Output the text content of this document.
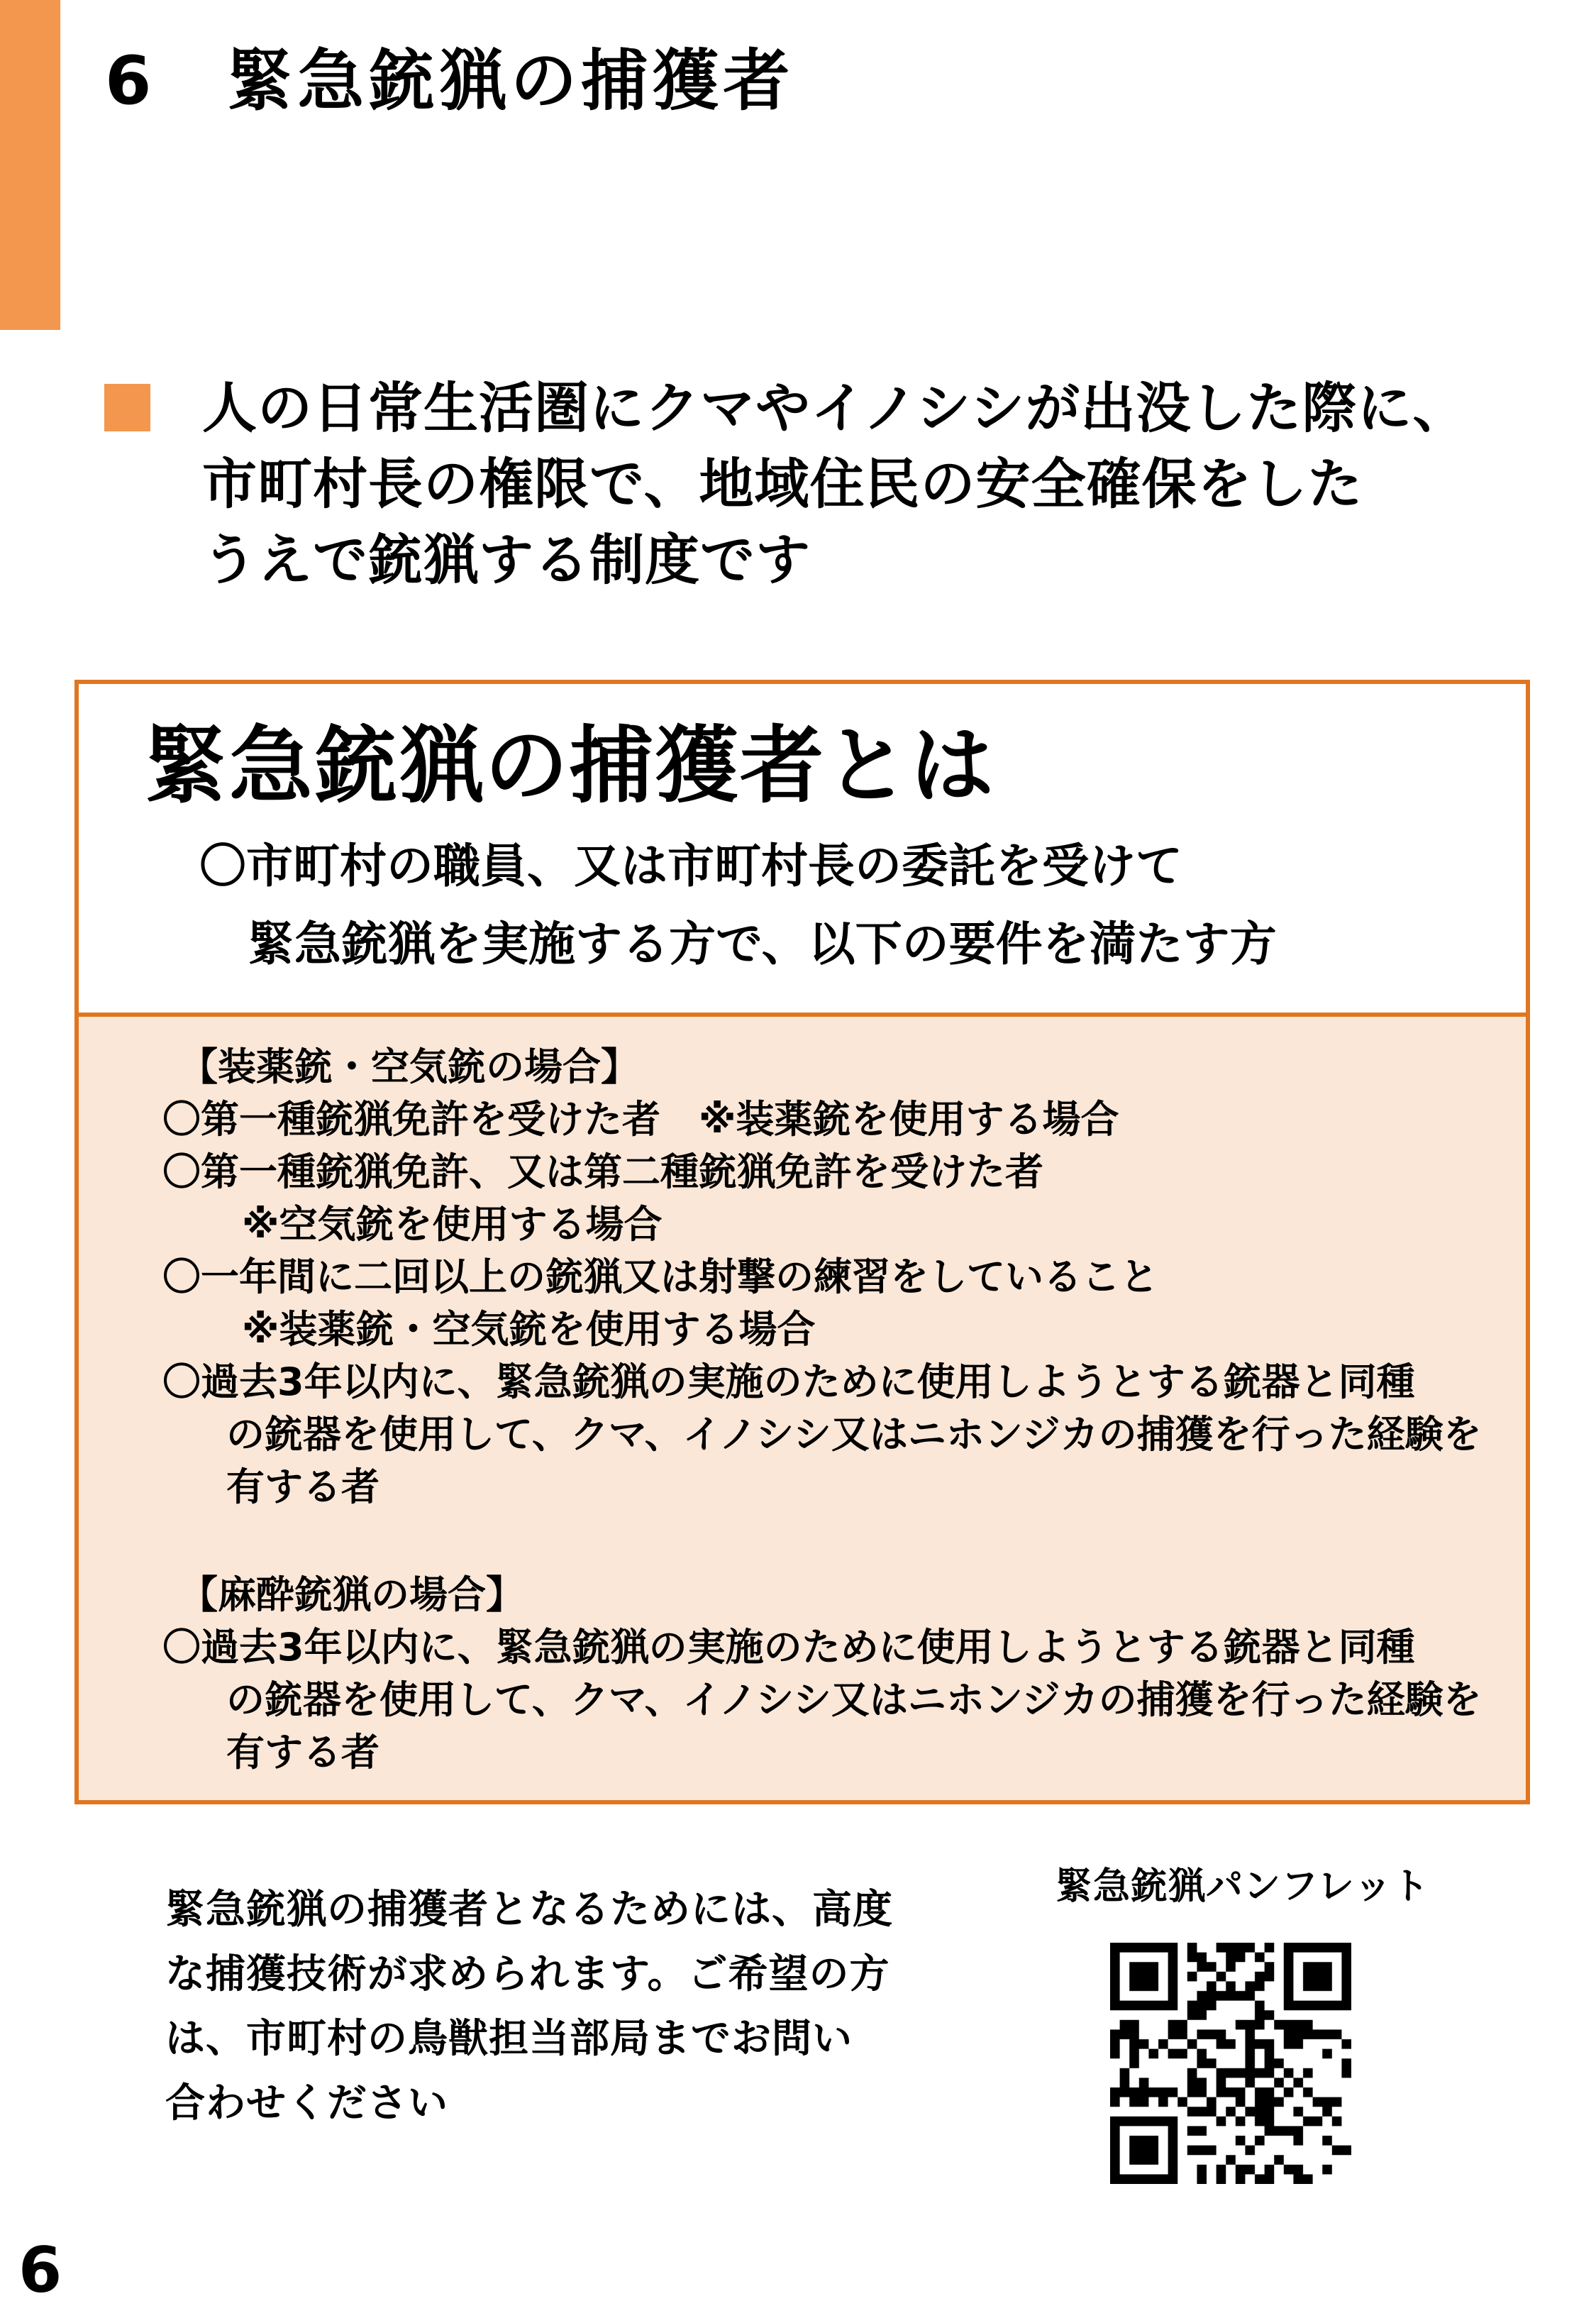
6　緊急銃猟の捕獲者
人の日常生活圏にクマやイノシシが出没した際に、
市町村長の権限で、地域住民の安全確保をした
うえで銃猟する制度です
緊急銃猟の捕獲者とは
〇市町村の職員、又は市町村長の委託を受けて
緊急銃猟を実施する方で、以下の要件を満たす方
【装薬銃・空気銃の場合】
〇第一種銃猟免許を受けた者　※装薬銃を使用する場合
〇第一種銃猟免許、又は第二種銃猟免許を受けた者
※空気銃を使用する場合
〇一年間に二回以上の銃猟又は射撃の練習をしていること
※装薬銃・空気銃を使用する場合
〇過去3年以内に、緊急銃猟の実施のために使用しようとする銃器と同種
の銃器を使用して、クマ、イノシシ又はニホンジカの捕獲を行った経験を
有する者
【麻酔銃猟の場合】
〇過去3年以内に、緊急銃猟の実施のために使用しようとする銃器と同種
の銃器を使用して、クマ、イノシシ又はニホンジカの捕獲を行った経験を
有する者
緊急銃猟の捕獲者となるためには、高度
な捕獲技術が求められます。ご希望の方
は、市町村の鳥獣担当部局までお問い
合わせください
緊急銃猟パンフレット
6
